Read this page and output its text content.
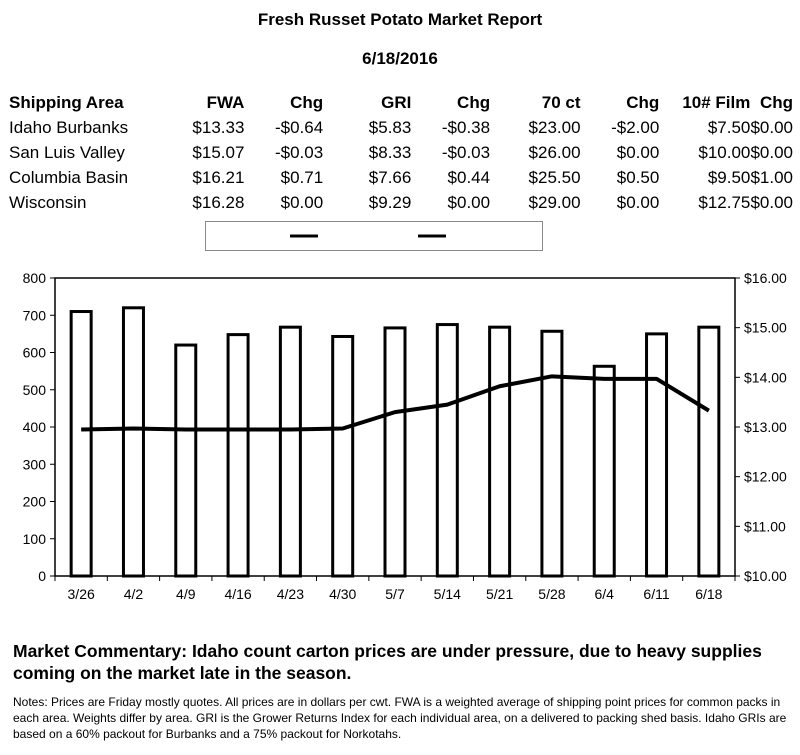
Fresh Russet Potato Market Report
6/18/2016
Shipping Area	FWA	Chg	GRI	Chg	70 ct	Chg	10# Film	Chg
Idaho Burbanks	$13.33	-$0.64	$5.83	-$0.38	$23.00	-$2.00	$7.50	$0.00
San Luis Valley	$15.07	-$0.03	$8.33	-$0.03	$26.00	$0.00	$10.00	$0.00
Columbia Basin	$16.21	$0.71	$7.66	$0.44	$25.50	$0.50	$9.50	$1.00
Wisconsin	$16.28	$0.00	$9.29	$0.00	$29.00	$0.00	$12.75	$0.00
0
100
200
300
400
500
600
700
800
$10.00
$11.00
$12.00
$13.00
$14.00
$15.00
$16.00
3/26 4/2 4/9 4/16 4/23 4/30 5/7 5/14 5/21 5/28 6/4 6/11 6/18
Market Commentary: Idaho count carton prices are under pressure, due to heavy supplies coming on the market late in the season.
Notes: Prices are Friday mostly quotes. All prices are in dollars per cwt. FWA is a weighted average of shipping point prices for common packs in each area. Weights differ by area. GRI is the Grower Returns Index for each individual area, on a delivered to packing shed basis. Idaho GRIs are based on a 60% packout for Burbanks and a 75% packout for Norkotahs.
